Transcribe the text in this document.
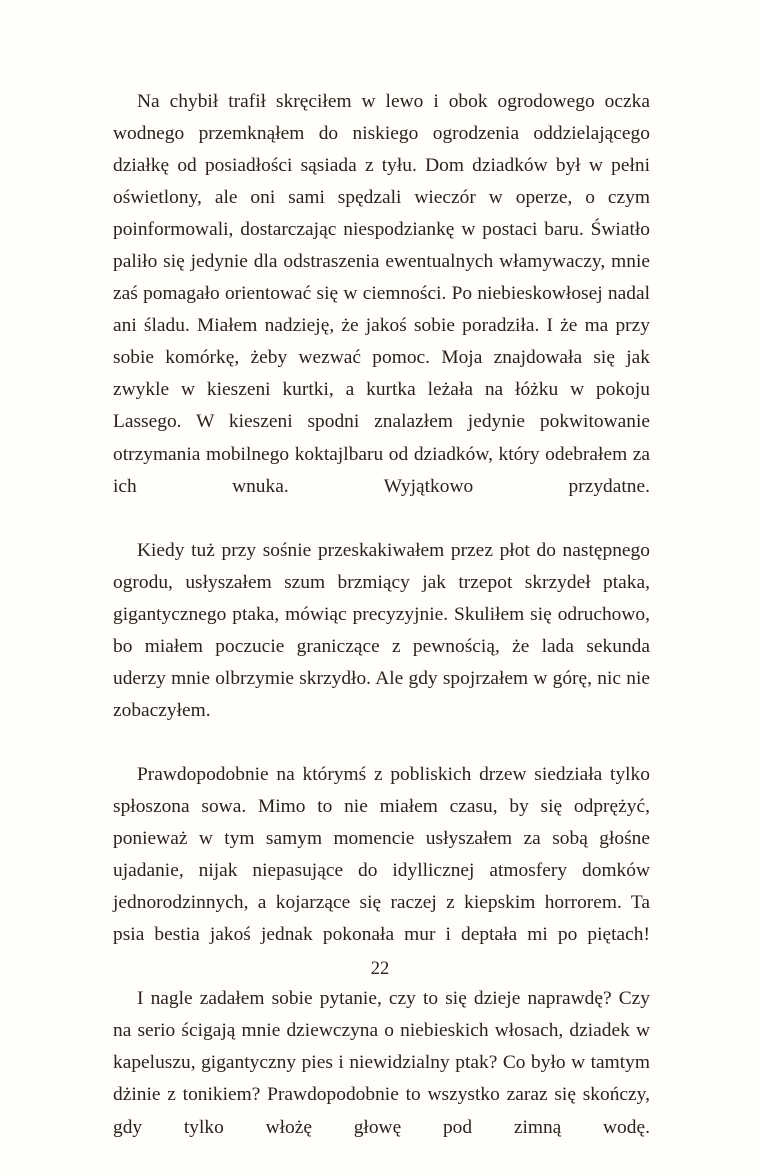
Na chybił trafił skręciłem w lewo i obok ogrodowego oczka wodnego przemknąłem do niskiego ogrodzenia oddzielającego działkę od posiadłości sąsiada z tyłu. Dom dziadków był w pełni oświetlony, ale oni sami spędzali wieczór w operze, o czym poinformowali, dostarczając niespodziankę w postaci baru. Światło paliło się jedynie dla odstraszenia ewentualnych włamywaczy, mnie zaś pomagało orientować się w ciemności. Po niebieskowłosej nadal ani śladu. Miałem nadzieję, że jakoś sobie poradziła. I że ma przy sobie komórkę, żeby wezwać pomoc. Moja znajdowała się jak zwykle w kieszeni kurtki, a kurtka leżała na łóżku w pokoju Lassego. W kieszeni spodni znalazłem jedynie pokwitowanie otrzymania mobilnego koktajlbaru od dziadków, który odebrałem za ich wnuka. Wyjątkowo przydatne.

Kiedy tuż przy sośnie przeskakiwałem przez płot do następnego ogrodu, usłyszałem szum brzmiący jak trzepot skrzydeł ptaka, gigantycznego ptaka, mówiąc precyzyjnie. Skuliłem się odruchowo, bo miałem poczucie graniczące z pewnością, że lada sekunda uderzy mnie olbrzymie skrzydło. Ale gdy spojrzałem w górę, nic nie zobaczyłem.

Prawdopodobnie na którymś z pobliskich drzew siedziała tylko spłoszona sowa. Mimo to nie miałem czasu, by się odprężyć, ponieważ w tym samym momencie usłyszałem za sobą głośne ujadanie, nijak niepasujące do idyllicznej atmosfery domków jednorodzinnych, a kojarzące się raczej z kiepskim horrorem. Ta psia bestia jakoś jednak pokonała mur i deptała mi po piętach!

I nagle zadałem sobie pytanie, czy to się dzieje naprawdę? Czy na serio ścigają mnie dziewczyna o niebieskich włosach, dziadek w kapeluszu, gigantyczny pies i niewidzialny ptak? Co było w tamtym dżinie z tonikiem? Prawdopodobnie to wszystko zaraz się skończy, gdy tylko włożę głowę pod zimną wodę.

22
